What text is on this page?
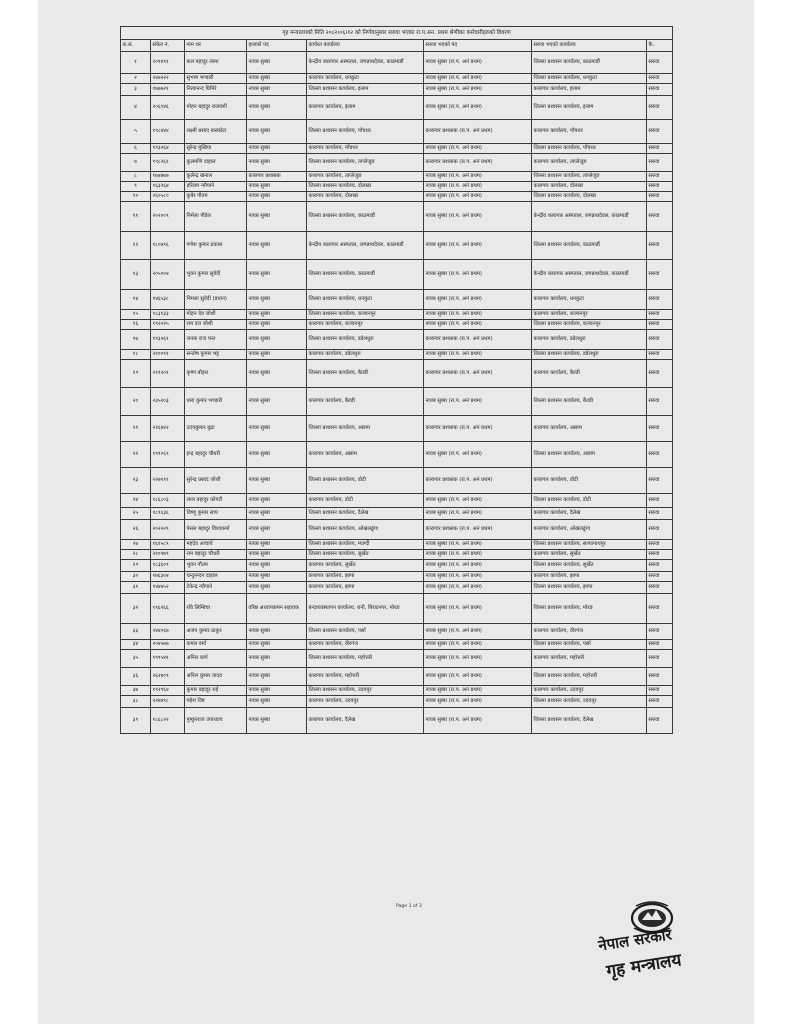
गृह मन्त्रालयको मिति २०८२।०६।१२ को निर्णयानुसार सरुवा भएका रा.प.अन. प्रथम श्रेणीका कर्मचारीहरुको विवरण							
क.सं.	संकेत नं.	नाम थर	हालको पद	कार्यरत कार्यालय	सरुवा भएको पद	सरुवा भएको कार्यालय	कै.
१	२०९४९१	कल बहादुर लामा	नायब सुब्बा	केन्द्रीय कारागार अस्पताल, जगन्नाथदेवल, काठमाडौं	नायब सुब्बा (रा.प. अनं प्रथम)	जिल्ला प्रशासन कार्यालय, काठमाडौं	सरुवा
२	२४७२२२	सुभाष भण्डारी	नायब सुब्बा	कारागार कार्यालय, धनकुटा	नायब सुब्बा (रा.प. अनं प्रथम)	जिल्ला प्रशासन कार्यालय, धनकुटा	सरुवा
३	१७७७२१	नित्यानन्द घिमिरे	नायब सुब्बा	जिल्ला प्रशासन कार्यालय, इलाम	नायब सुब्बा (रा.प. अनं प्रथम)	कारागार कार्यालय, इलाम	सरुवा
४	२०६१४६	मोहन बहादुर राजवंशी	नायब सुब्बा	कारागार कार्यालय, इलाम	नायब सुब्बा (रा.प. अनं प्रथम)	जिल्ला प्रशासन कार्यालय, इलाम	सरुवा
५	१९८४४४	लक्ष्मी प्रसाद बास्कोटा	नायब सुब्बा	जिल्ला प्रशासन कार्यालय, पाँचथर	कारागार प्रशासक (रा.प. अनं प्रथम)	कारागार कार्यालय, पाँचथर	सरुवा
६	१९३२६४	सुरेन्द्र मुखिया	नायब सुब्बा	कारागार कार्यालय, पाँचथर	नायब सुब्बा (रा.प. अनं प्रथम)	जिल्ला प्रशासन कार्यालय, पाँचथर	सरुवा
७	१९८२६१	कुलमणि दाहाल	नायब सुब्बा	जिल्ला प्रशासन कार्यालय, ताप्लेजुङ	कारागार प्रशासक (रा.प. अनं प्रथम)	कारागार कार्यालय, ताप्लेजुङ	सरुवा
८	१७४७७७	कुलेन्द्र खनाल	कारागार प्रशासक	कारागार कार्यालय, ताप्लेजुङ	नायब सुब्बा (रा.प. अनं प्रथम)	जिल्ला प्रशासन कार्यालय, ताप्लेजुङ	सरुवा
९	१६३२६४	हरिराम न्यौपाने	नायब सुब्बा	जिल्ला प्रशासन कार्यालय, दोलखा	नायब सुब्बा (रा.प. अनं प्रथम)	कारागार कार्यालय, दोलखा	सरुवा
१०	२६०५८०	कुबेर गौतम	नायब सुब्बा	कारागार कार्यालय, दोलखा	नायब सुब्बा (रा.प. अनं प्रथम)	जिल्ला प्रशासन कार्यालय, दोलखा	सरुवा
११	२०२००९	निर्मला पौडेल	नायब सुब्बा	जिल्ला प्रशासन कार्यालय, काठमाडौं	नायब सुब्बा (रा.प. अनं प्रथम)	केन्द्रीय कारागार अस्पताल, जगन्नाथदेवल, काठमाडौं	सरुवा
१२	१८०७९६	गणेश कुमार ढकाल	नायब सुब्बा	केन्द्रीय कारागार अस्पताल, जगन्नाथदेवल, काठमाडौं	नायब सुब्बा (रा.प. अनं प्रथम)	जिल्ला प्रशासन कार्यालय, काठमाडौं	सरुवा
१३	२०५००४	भुवन कुमार सुवेदी	नायब सुब्बा	जिल्ला प्रशासन कार्यालय, काठमाडौं	नायब सुब्बा (रा.प. अनं प्रथम)	केन्द्रीय कारागार अस्पताल, जगन्नाथदेवल, काठमाडौं	सरुवा
१४	१४६५३८	निमला सुवेदी (प्रधान)	नायब सुब्बा	जिल्ला प्रशासन कार्यालय, धनकुटा	नायब सुब्बा (रा.प. अनं प्रथम)	कारागार कार्यालय, धनकुटा	सरुवा
१५	१८३१३३	मोहन देव जोशी	नायब सुब्बा	जिल्ला प्रशासन कार्यालय, कञ्चनपुर	नायब सुब्बा (रा.प. अनं प्रथम)	कारागार कार्यालय, कञ्चनपुर	सरुवा
१६	१९२०२५	राम दत्त जोशी	नायब सुब्बा	कारागार कार्यालय, कञ्चनपुर	नायब सुब्बा (रा.प. अनं प्रथम)	जिल्ला प्रशासन कार्यालय, कञ्चनपुर	सरुवा
१७	१९३२६१	जनक राज पन्त	नायब सुब्बा	जिल्ला प्रशासन कार्यालय, डडेलधुरा	कारागार प्रशासक (रा.प. अनं प्रथम)	कारागार कार्यालय, डडेलधुरा	सरुवा
१८	२१००९१	सन्तोष कुमार भट्ट	नायब सुब्बा	कारागार कार्यालय, डडेलधुरा	नायब सुब्बा (रा.प. अनं प्रथम)	जिल्ला प्रशासन कार्यालय, डडेलधुरा	सरुवा
१९	२१९२०१	कृष्ण बोहरा	नायब सुब्बा	जिल्ला प्रशासन कार्यालय, बैतडी	कारागार प्रशासक (रा.प. अनं प्रथम)	कारागार कार्यालय, बैतडी	सरुवा
२०	२३५२०३	धारा कुमार भण्डारी	नायब सुब्बा	कारागार कार्यालय, बैतडी	नायब सुब्बा (रा.प. अनं प्रथम)	जिल्ला प्रशासन कार्यालय, बैतडी	सरुवा
२१	२१६४४२	उदयकुमार बुढा	नायब सुब्बा	जिल्ला प्रशासन कार्यालय, अछाम	कारागार प्रशासक (रा.प. अनं प्रथम)	कारागार कार्यालय, अछाम	सरुवा
२२	१९९०६९	इन्द्र बहादुर चौधरी	नायब सुब्बा	कारागार कार्यालय, अछाम	नायब सुब्बा (रा.प. अनं प्रथम)	जिल्ला प्रशासन कार्यालय, अछाम	सरुवा
२३	२२७१११	सुरेन्द्र प्रसाद जोशी	नायब सुब्बा	जिल्ला प्रशासन कार्यालय, डोटी	कारागार प्रशासक (रा.प. अनं प्रथम)	कारागार कार्यालय, डोटी	सरुवा
२४	१८६८०३	लाल बहादुर कोगटी	नायब सुब्बा	कारागार कार्यालय, डोटी	नायब सुब्बा (रा.प. अनं प्रथम)	जिल्ला प्रशासन कार्यालय, डोटी	सरुवा
२५	१८९६३६	विष्णु कुमार साप	नायब सुब्बा	जिल्ला प्रशासन कार्यालय, दैलेख	नायब सुब्बा (रा.प. अनं प्रथम)	कारागार कार्यालय, दैलेख	सरुवा
२६	२०२२२९	पेसल बहादुर विश्वकर्मा	नायब सुब्बा	जिल्ला प्रशासन कार्यालय, ओखलढुंगा	कारागार प्रशासक (रा.प. अनं प्रथम)	कारागार कार्यालय, ओखलढुंगा	सरुवा
२७	१६१५८९	महदेव आचार्य	नायब सुब्बा	जिल्ला प्रशासन कार्यालय, म्याग्दी	नायब सुब्बा (रा.प. अनं प्रथम)	जिल्ला प्रशासन कार्यालय, सल्यानाथपुर	सरुवा
२८	२१०९७९	राम बहादुर चौधरी	नायब सुब्बा	जिल्ला प्रशासन कार्यालय, सुर्खेत	नायब सुब्बा (रा.प. अनं प्रथम)	कारागार कार्यालय, सुर्खेत	सरुवा
२९	१८३६०९	भुवन गौतम	नायब सुब्बा	कारागार कार्यालय, सुर्खेत	नायब सुब्बा (रा.प. अनं प्रथम)	जिल्ला प्रशासन कार्यालय, सुर्खेत	सरुवा
३०	१७६३०४	चन्दुनन्दन दाहाल	नायब सुब्बा	कारागार कार्यालय, झापा	नायब सुब्बा (रा.प. अनं प्रथम)	कारागार कार्यालय, झापा	सरुवा
३१	१४४७५२	टेकेन्द्र न्यौपाने	नायब सुब्बा	कारागार कार्यालय, झापा	नायब सुब्बा (रा.प. अनं प्रथम)	जिल्ला प्रशासन कार्यालय, झापा	सरुवा
३२	१९६२६६	रवि लिम्बिचा	वरिष्ठ अध्यापकमन सहायक	बन्दव्यवस्थापन कार्यालय, रानी, बिराटनगर, मोरङ	नायब सुब्बा (रा.प. अनं प्रथम)	जिल्ला प्रशासन कार्यालय, मोरङ	सरुवा
३३	२४४०६७	अजय कुमार ठाकुर	नायब सुब्बा	जिल्ला प्रशासन कार्यालय, पर्सा	नायब सुब्बा (रा.प. अनं प्रथम)	कारागार कार्यालय, वीरगंज	सरुवा
३४	२०४५७७	कमल वर्मा	नायब सुब्बा	कारागार कार्यालय, वीरगंज	नायब सुब्बा (रा.प. अनं प्रथम)	जिल्ला प्रशासन कार्यालय, पर्सा	सरुवा
३५	१९९५४१	अनिल कर्ण	नायब सुब्बा	जिल्ला प्रशासन कार्यालय, महोत्तरी	नायब सुब्बा (रा.प. अनं प्रथम)	कारागार कार्यालय, महोत्तरी	सरुवा
३६	२६२४०९	अनिल कुमार यादव	नायब सुब्बा	कारागार कार्यालय, महोत्तरी	नायब सुब्बा (रा.प. अनं प्रथम)	जिल्ला प्रशासन कार्यालय, महोत्तरी	सरुवा
३७	१९२९६४	कुमार बहादुर राई	नायब सुब्बा	जिल्ला प्रशासन कार्यालय, उदयपुर	नायब सुब्बा (रा.प. अनं प्रथम)	कारागार कार्यालय, उदयपुर	सरुवा
३८	२२७४९८	महेश विष्ट	नायब सुब्बा	कारागार कार्यालय, उदयपुर	नायब सुब्बा (रा.प. अनं प्रथम)	जिल्ला प्रशासन कार्यालय, उदयपुर	सरुवा
३९	१८६८२२	पुष्कुरराज उपाध्याय	नायब सुब्बा	कारागार कार्यालय, दैलेख	नायब सुब्बा (रा.प. अनं प्रथम)	जिल्ला प्रशासन कार्यालय, दैलेख	सरुवा
Page 1 of 3
नेपाल सरकार
गृह मन्त्रालय
